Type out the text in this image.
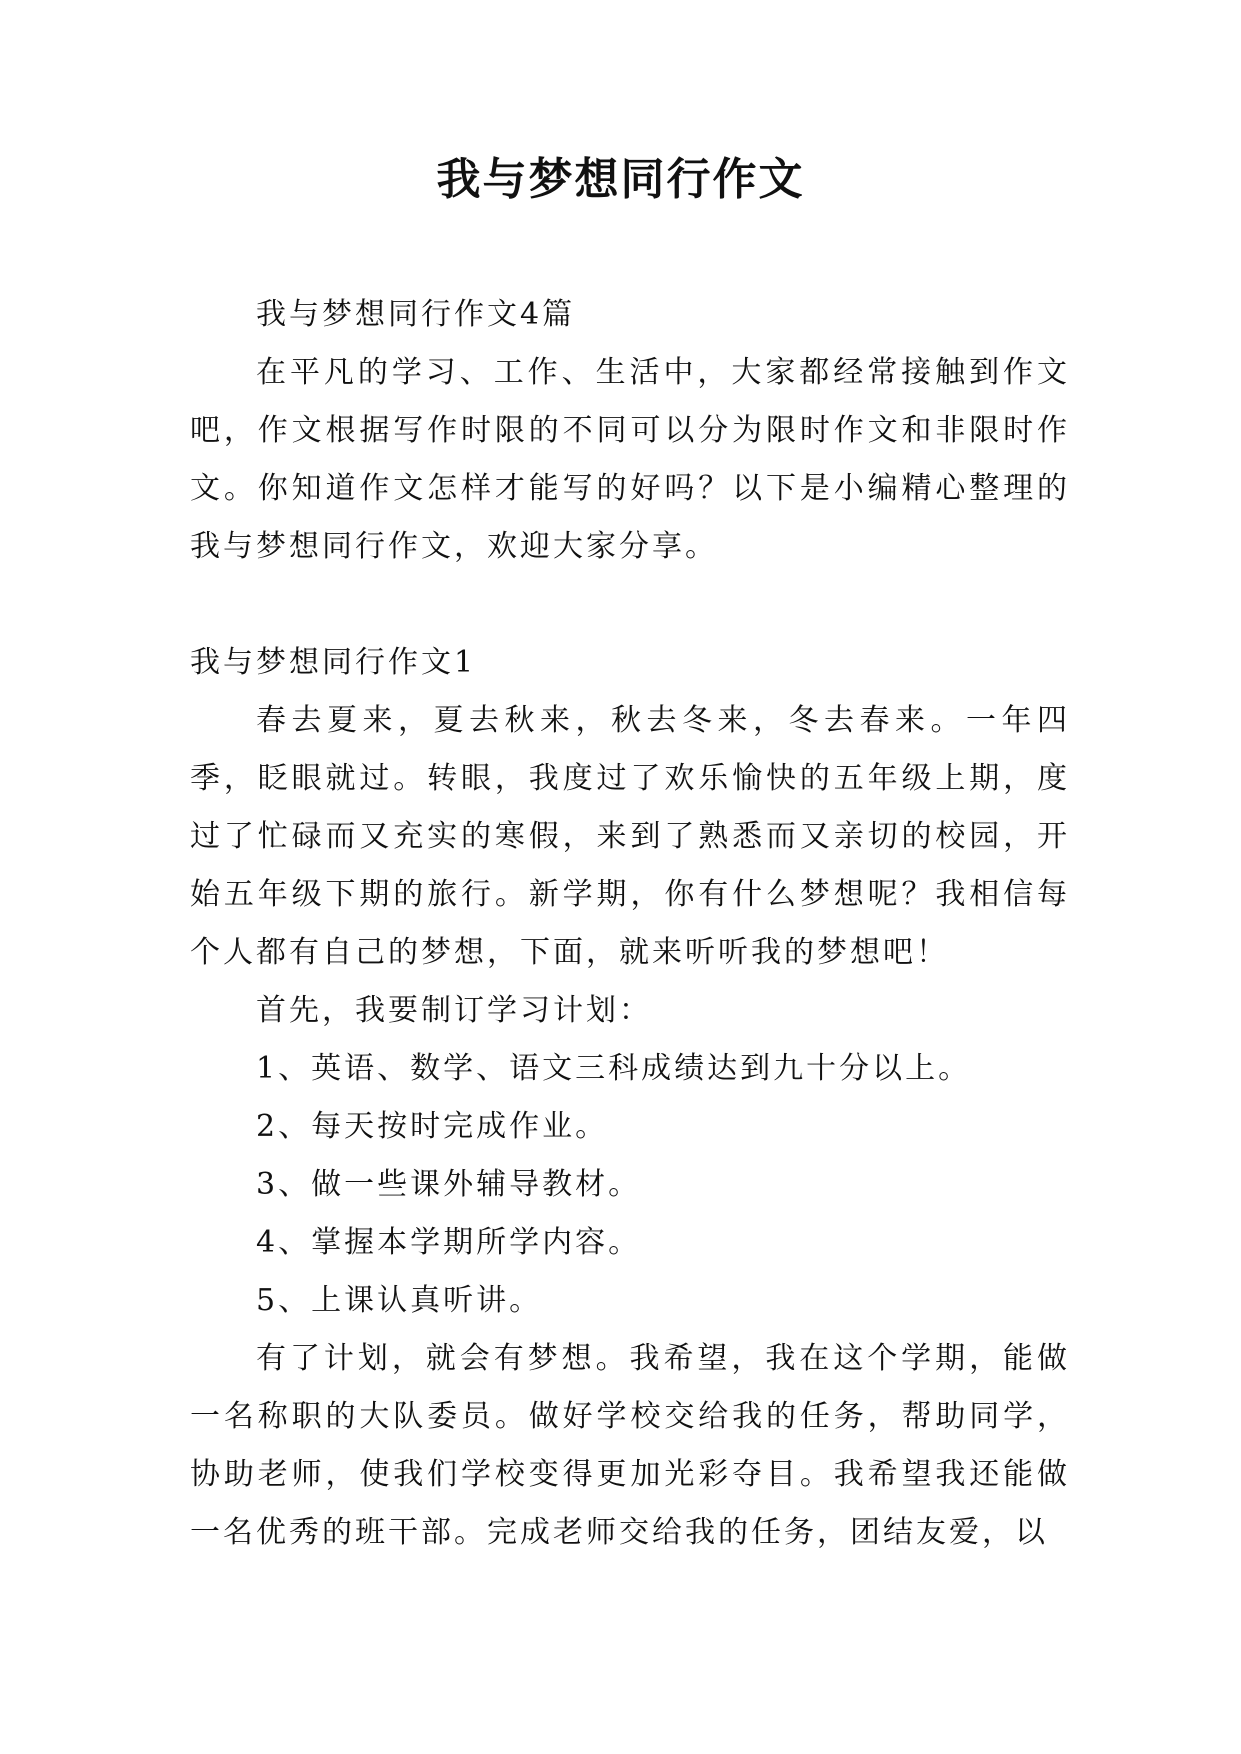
我与梦想同行作文

我与梦想同行作文4篇

在平凡的学习、工作、生活中，大家都经常接触到作文吧，作文根据写作时限的不同可以分为限时作文和非限时作文。你知道作文怎样才能写的好吗？以下是小编精心整理的我与梦想同行作文，欢迎大家分享。

我与梦想同行作文1

春去夏来，夏去秋来，秋去冬来，冬去春来。一年四季，眨眼就过。转眼，我度过了欢乐愉快的五年级上期，度过了忙碌而又充实的寒假，来到了熟悉而又亲切的校园，开始五年级下期的旅行。新学期，你有什么梦想呢？我相信每个人都有自己的梦想，下面，就来听听我的梦想吧！

首先，我要制订学习计划：

1、英语、数学、语文三科成绩达到九十分以上。

2、每天按时完成作业。

3、做一些课外辅导教材。

4、掌握本学期所学内容。

5、上课认真听讲。

有了计划，就会有梦想。我希望，我在这个学期，能做一名称职的大队委员。做好学校交给我的任务，帮助同学，协助老师，使我们学校变得更加光彩夺目。我希望我还能做一名优秀的班干部。完成老师交给我的任务，团结友爱，以
